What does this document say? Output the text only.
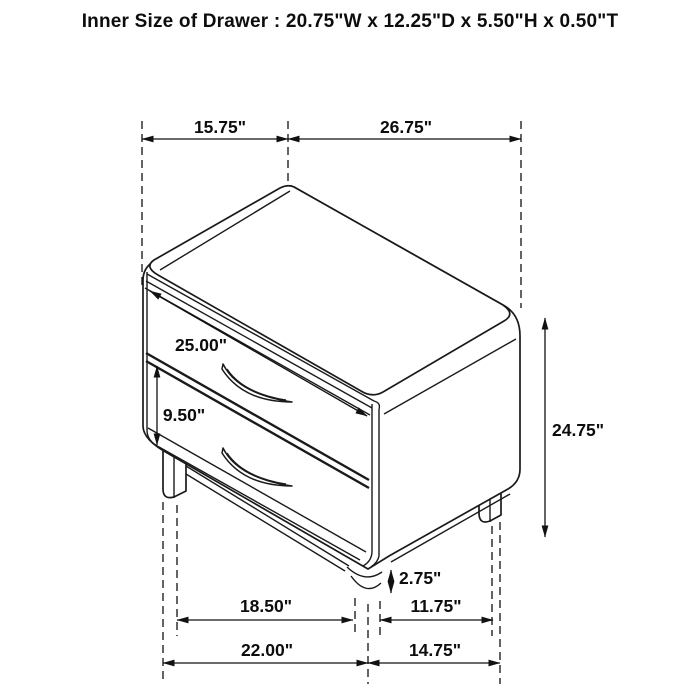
Inner Size of Drawer : 20.75"W x 12.25"D x 5.50"H x 0.50"T
15.75"	26.75"
24.75"
25.00"
9.50"
2.75"
18.50"	11.75"
22.00"	14.75"
